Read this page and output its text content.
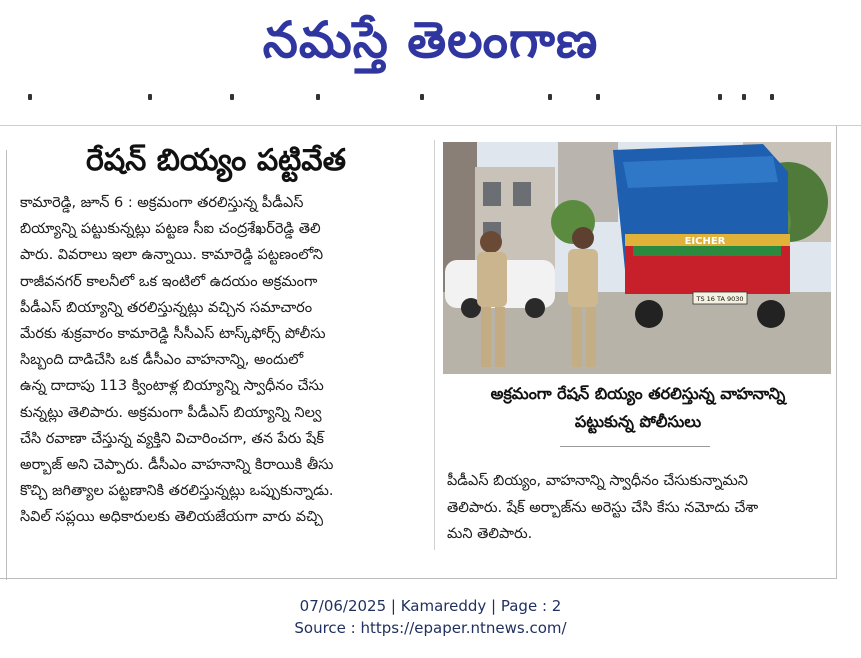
నమస్తే తెలంగాణ
రేషన్ బియ్యం పట్టివేత
కామారెడ్డి, జూన్ 6 : అక్రమంగా తరలిస్తున్న పీడీఎస్
బియ్యాన్ని పట్టుకున్నట్లు పట్టణ సీఐ చంద్రశేఖర్‌రెడ్డి తెలి
పారు. వివరాలు ఇలా ఉన్నాయి. కామారెడ్డి పట్టణంలోని
రాజీవనగర్ కాలనీలో ఒక ఇంటిలో ఉదయం అక్రమంగా
పీడీఎస్ బియ్యాన్ని తరలిస్తున్నట్లు వచ్చిన సమాచారం
మేరకు శుక్రవారం కామారెడ్డి సీసీఎస్ టాస్క్‌ఫోర్స్ పోలీసు
సిబ్బంది దాడిచేసి ఒక డీసీఎం వాహనాన్ని, అందులో
ఉన్న దాదాపు 113 క్వింటాళ్ల బియ్యాన్ని స్వాధీనం చేసు
కున్నట్లు తెలిపారు. అక్రమంగా పీడీఎస్ బియ్యాన్ని నిల్వ
చేసి రవాణా చేస్తున్న వ్యక్తిని విచారించగా, తన పేరు షేక్
అర్బాజ్ అని చెప్పారు. డీసీఎం వాహనాన్ని కిరాయికి తీసు
కొచ్చి జగిత్యాల పట్టణానికి తరలిస్తున్నట్లు ఒప్పుకున్నాడు.
సివిల్ సప్లయి అధికారులకు తెలియజేయగా వారు వచ్చి
EICHER
TS 16 TA 9030
అక్రమంగా రేషన్ బియ్యం తరలిస్తున్న వాహనాన్ని
పట్టుకున్న పోలీసులు
పీడీఎస్ బియ్యం, వాహనాన్ని స్వాధీనం చేసుకున్నామని
తెలిపారు. షేక్ అర్బాజ్‌ను అరెస్టు చేసి కేసు నమోదు చేశా
మని తెలిపారు.
07/06/2025 | Kamareddy | Page : 2
Source : https://epaper.ntnews.com/
